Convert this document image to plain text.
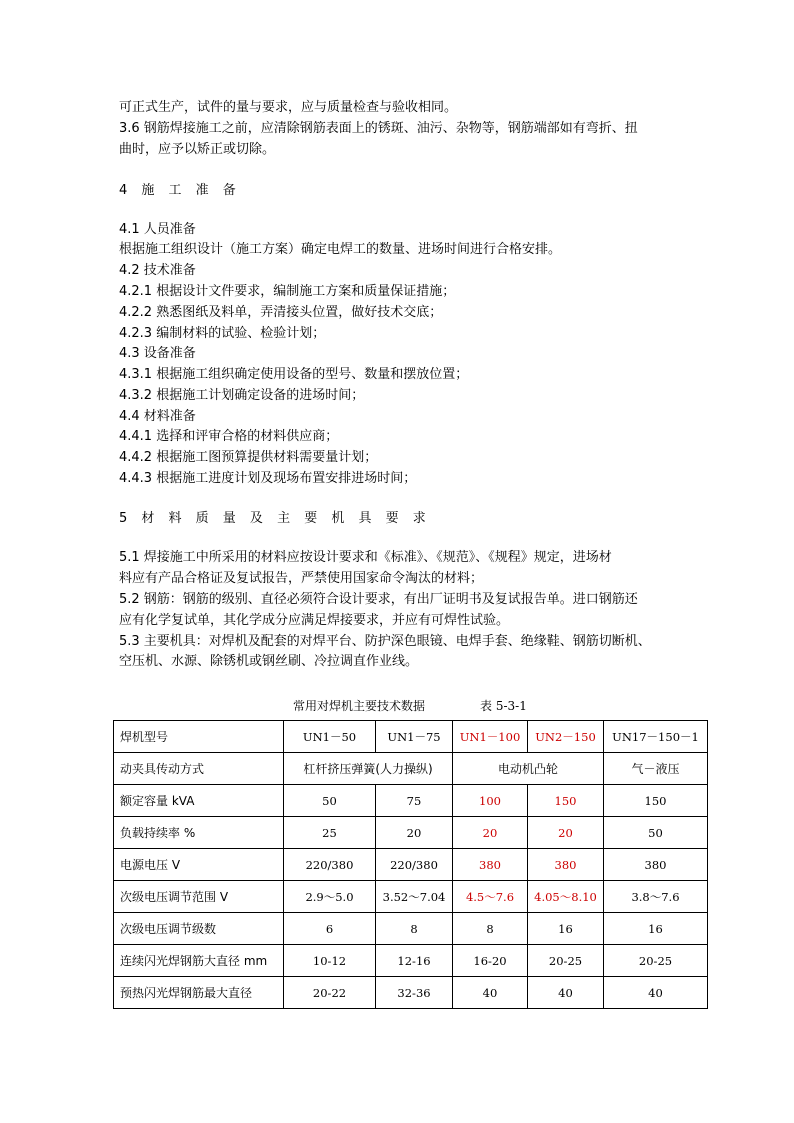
可正式生产，试件的量与要求，应与质量检查与验收相同。
3.6 钢筋焊接施工之前，应清除钢筋表面上的锈斑、油污、杂物等，钢筋端部如有弯折、扭
曲时，应予以矫正或切除。
4 施 工 准 备
4.1 人员准备
根据施工组织设计（施工方案）确定电焊工的数量、进场时间进行合格安排。
4.2 技术准备
4.2.1 根据设计文件要求，编制施工方案和质量保证措施；
4.2.2 熟悉图纸及料单，弄清接头位置，做好技术交底；
4.2.3 编制材料的试验、检验计划；
4.3 设备准备
4.3.1 根据施工组织确定使用设备的型号、数量和摆放位置；
4.3.2 根据施工计划确定设备的进场时间；
4.4 材料准备
4.4.1 选择和评审合格的材料供应商；
4.4.2 根据施工图预算提供材料需要量计划；
4.4.3 根据施工进度计划及现场布置安排进场时间；
5 材 料 质 量 及 主 要 机 具 要 求
5.1 焊接施工中所采用的材料应按设计要求和《标准》、《规范》、《规程》规定，进场材
料应有产品合格证及复试报告，严禁使用国家命令淘汰的材料；
5.2 钢筋：钢筋的级别、直径必须符合设计要求，有出厂证明书及复试报告单。进口钢筋还
应有化学复试单，其化学成分应满足焊接要求，并应有可焊性试验。
5.3 主要机具：对焊机及配套的对焊平台、防护深色眼镜、电焊手套、绝缘鞋、钢筋切断机、
空压机、水源、除锈机或钢丝刷、冷拉调直作业线。
常用对焊机主要技术数据	表 5-3-1
焊机型号	UN1－50	UN1－75	UN1－100	UN2－150	UN17－150－1
动夹具传动方式	杠杆挤压弹簧(人力操纵)		电动机凸轮		气－液压
额定容量 kVA	50	75	100	150	150
负载持续率 %	25	20	20	20	50
电源电压 V	220/380	220/380	380	380	380
次级电压调节范围 V	2.9～5.0	3.52～7.04	4.5～7.6	4.05～8.10	3.8～7.6
次级电压调节级数	6	8	8	16	16
连续闪光焊钢筋大直径 mm	10-12	12-16	16-20	20-25	20-25
预热闪光焊钢筋最大直径	20-22	32-36	40	40	40
